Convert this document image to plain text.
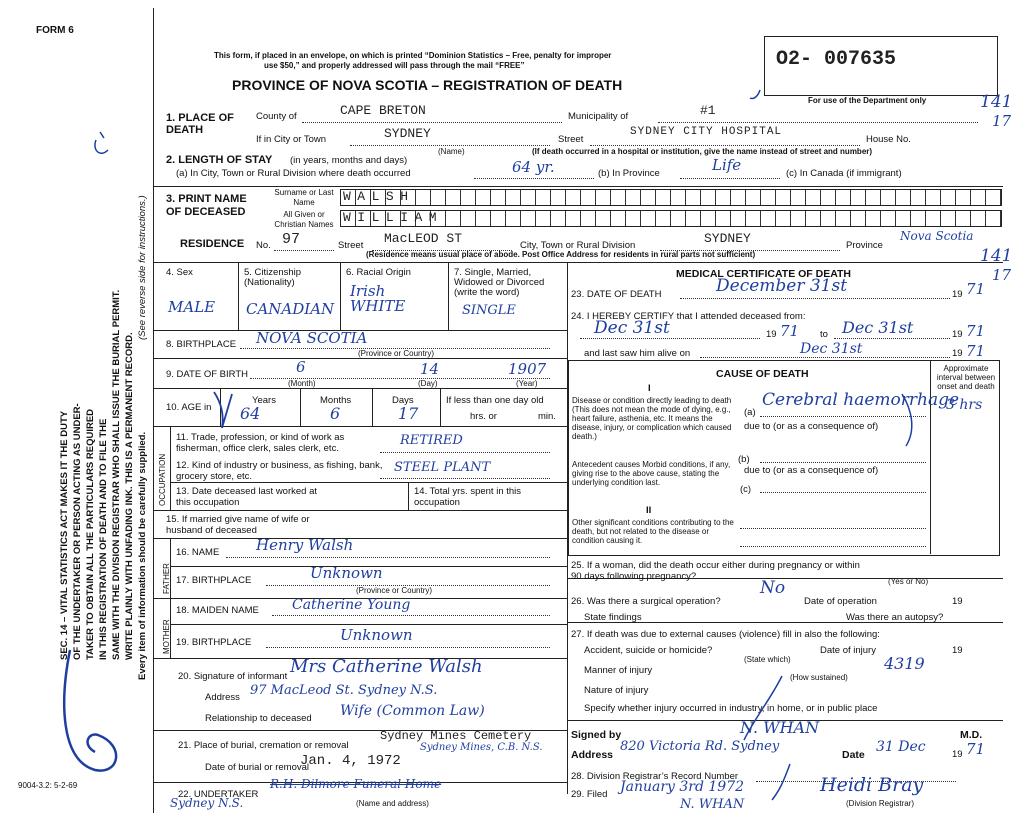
FORM 6
This form, if placed in an envelope, on which is printed “Dominion Statistics – Free, penalty for improper
use $50,” and properly addressed will pass through the mail “FREE”
PROVINCE OF NOVA SCOTIA – REGISTRATION OF DEATH
O2- 007635
For use of the Department only	141
17
141
17
SEC. 14 – VITAL STATISTICS ACT MAKES IT THE DUTY OF THE UNDERTAKER OR PERSON ACTING AS UNDER- TAKER TO OBTAIN ALL THE PARTICULARS REQUIRED IN THIS REGISTRATION OF DEATH AND TO FILE THE SAME WITH THE DIVISION REGISTRAR WHO SHALL ISSUE THE BURIAL PERMIT. WRITE PLAINLY WITH UNFADING INK. THIS IS A PERMANENT RECORD.
(See reverse side for instructions.)
Every item of information should be carefully supplied.
9004-3.2: 5-2-69
1. PLACE OF DEATH
County of	CAPE BRETON	Municipality of	#1
If in City or Town	SYDNEY
(Name)
Street
SYDNEY CITY HOSPITAL
House No.
(If death occurred in a hospital or institution, give the name instead of street and number)
2. LENGTH OF STAY (in years, months and days)
(a) In City, Town or Rural Division where death occurred	64 yr.	(b) In Province	Life	(c) In Canada (if immigrant)
3. PRINT NAME OF DECEASED
Surname or Last Name
All Given or Christian Names
WALSH
WILLIAM
RESIDENCE No. 97	Street MacLEOD ST	City, Town or Rural Division	SYDNEY	Province
Nova Scotia
(Residence means usual place of abode. Post Office Address for residents in rural parts not sufficient)
4. Sex
MALE
5. Citizenship (Nationality)
CANADIAN
6. Racial Origin
Irish WHITE
7. Single, Married, Widowed or Divorced (write the word)
SINGLE
8. BIRTHPLACE NOVA SCOTIA
(Province or Country)
9. DATE OF BIRTH	6	14	1907
(Month)	(Day)	(Year)
10. AGE in
Years	Months	Days
64	6	17
If less than one day old
hrs. or	min.
OCCUPATION
11. Trade, profession, or kind of work as fisherman, office clerk, sales clerk, etc.
RETIRED
12. Kind of industry or business, as fishing, bank, grocery store, etc.
STEEL PLANT
13. Date deceased last worked at this occupation
14. Total yrs. spent in this occupation
15. If married give name of wife or husband of deceased
FATHER
16. NAME Henry Walsh
17. BIRTHPLACE	Unknown
(Province or Country)
MOTHER
18. MAIDEN NAME Catherine Young
19. BIRTHPLACE	Unknown
20. Signature of informant Mrs Catherine Walsh
Address 97 MacLeod St. Sydney N.S.
Relationship to deceased Wife (Common Law)
21. Place of burial, cremation or removal
Sydney Mines Cemetery
Sydney Mines, C.B. N.S.
Date of burial or removal
Jan. 4, 1972
22. UNDERTAKER
R.H. Dilmore Funeral Home
Sydney N.S.	(Name and address)
MEDICAL CERTIFICATE OF DEATH
23. DATE OF DEATH	December 31st	19 71
24. I HEREBY CERTIFY that I attended deceased from:
Dec 31st	19 71 to Dec 31st	19 71
and last saw him alive on	Dec 31st	19 71
CAUSE OF DEATH	Approximate interval between onset and death
I
Disease or condition directly leading to death (This does not mean the mode of dying, e.g., heart failure, asthenia, etc. It means the disease, injury, or complication which caused death.)
(a)
Cerebral haemorrhage
3 hrs
due to (or as a consequence of)
Antecedent causes Morbid conditions, if any, giving rise to the above cause, stating the underlying condition last.
(b)
due to (or as a consequence of)
(c)
II
Other significant conditions contributing to the death, but not related to the disease or condition causing it.
25. If a woman, did the death occur either during pregnancy or within 90 days following pregnancy?
No	(Yes or No)
26. Was there a surgical operation?	Date of operation	19
State findings	Was there an autopsy?
27. If death was due to external causes (violence) fill in also the following:
Accident, suicide or homicide?
(State which)
Date of injury	19
Manner of injury	4319
(How sustained)
Nature of injury
Specify whether injury occurred in industry, in home, or in public place
Signed by	N. WHAN	M.D.
Address
820 Victoria Rd. Sydney
Date 31 Dec	19 71
28. Division Registrar’s Record Number
29. Filed January 3rd 1972
N. WHAN
Heidi Bray
(Division Registrar)
